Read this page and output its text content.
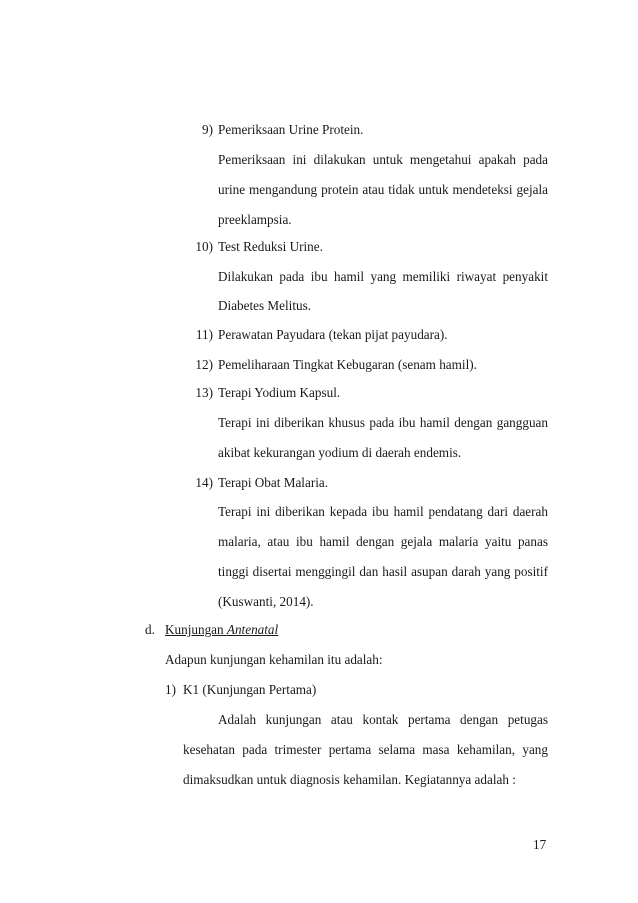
9) Pemeriksaan Urine Protein.
Pemeriksaan ini dilakukan untuk mengetahui apakah pada
urine mengandung protein atau tidak untuk mendeteksi gejala
preeklampsia.
10) Test Reduksi Urine.
Dilakukan pada ibu hamil yang memiliki riwayat penyakit
Diabetes Melitus.
11) Perawatan Payudara (tekan pijat payudara).
12) Pemeliharaan Tingkat Kebugaran (senam hamil).
13) Terapi Yodium Kapsul.
Terapi ini diberikan khusus pada ibu hamil dengan gangguan
akibat kekurangan yodium di daerah endemis.
14) Terapi Obat Malaria.
Terapi ini diberikan kepada ibu hamil pendatang dari daerah
malaria, atau ibu hamil dengan gejala malaria yaitu panas
tinggi disertai menggingil dan hasil asupan darah yang positif
(Kuswanti, 2014).
d. Kunjungan Antenatal
Adapun kunjungan kehamilan itu adalah:
1) K1 (Kunjungan Pertama)
Adalah kunjungan atau kontak pertama dengan petugas
kesehatan pada trimester pertama selama masa kehamilan, yang
dimaksudkan untuk diagnosis kehamilan. Kegiatannya adalah :
17
